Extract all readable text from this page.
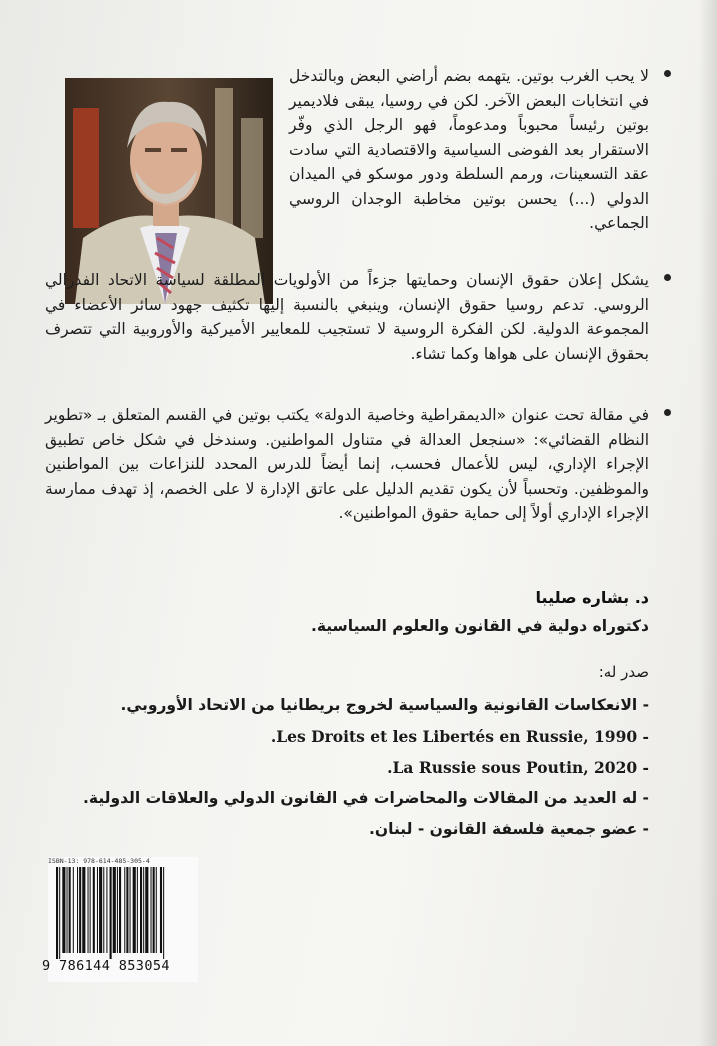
لا يحب الغرب بوتين. يتهمه بضم أراضي البعض وبالتدخل في انتخابات البعض الآخر. لكن في روسيا، يبقى فلاديمير بوتين رئيساً محبوباً ومدعوماً، فهو الرجل الذي وفّر الاستقرار بعد الفوضى السياسية والاقتصادية التي سادت عقد التسعينات، ورمم السلطة ودور موسكو في الميدان الدولي (...) يحسن بوتين مخاطبة الوجدان الروسي الجماعي.
يشكل إعلان حقوق الإنسان وحمايتها جزءاً من الأولويات المطلقة لسياسة الاتحاد الفدرالي الروسي. تدعم روسيا حقوق الإنسان، وينبغي بالنسبة إليها تكثيف جهود سائر الأعضاء في المجموعة الدولية. لكن الفكرة الروسية لا تستجيب للمعايير الأميركية والأوروبية التي تتصرف بحقوق الإنسان على هواها وكما تشاء.
في مقالة تحت عنوان «الديمقراطية وخاصية الدولة» يكتب بوتين في القسم المتعلق بـ «تطوير النظام القضائي»: «سنجعل العدالة في متناول المواطنين. وسندخل في شكل خاص تطبيق الإجراء الإداري، ليس للأعمال فحسب، إنما أيضاً للدرس المحدد للنزاعات بين المواطنين والموظفين. وتحسباً لأن يكون تقديم الدليل على عاتق الإدارة لا على الخصم، إذ تهدف ممارسة الإجراء الإداري أولاً إلى حماية حقوق المواطنين».
د. بشاره صليبا
دكتوراه دولية في القانون والعلوم السياسية.
صدر له:
- الانعكاسات القانونية والسياسية لخروج بريطانيا من الاتحاد الأوروبي.
- Les Droits et les Libertés en Russie, 1990.
- La Russie sous Poutin, 2020.
- له العديد من المقالات والمحاضرات في القانون الدولي والعلاقات الدولية.
- عضو جمعية فلسفة القانون - لبنان.
ISBN-13: 978-614-485-305-4
9 786144 853054
